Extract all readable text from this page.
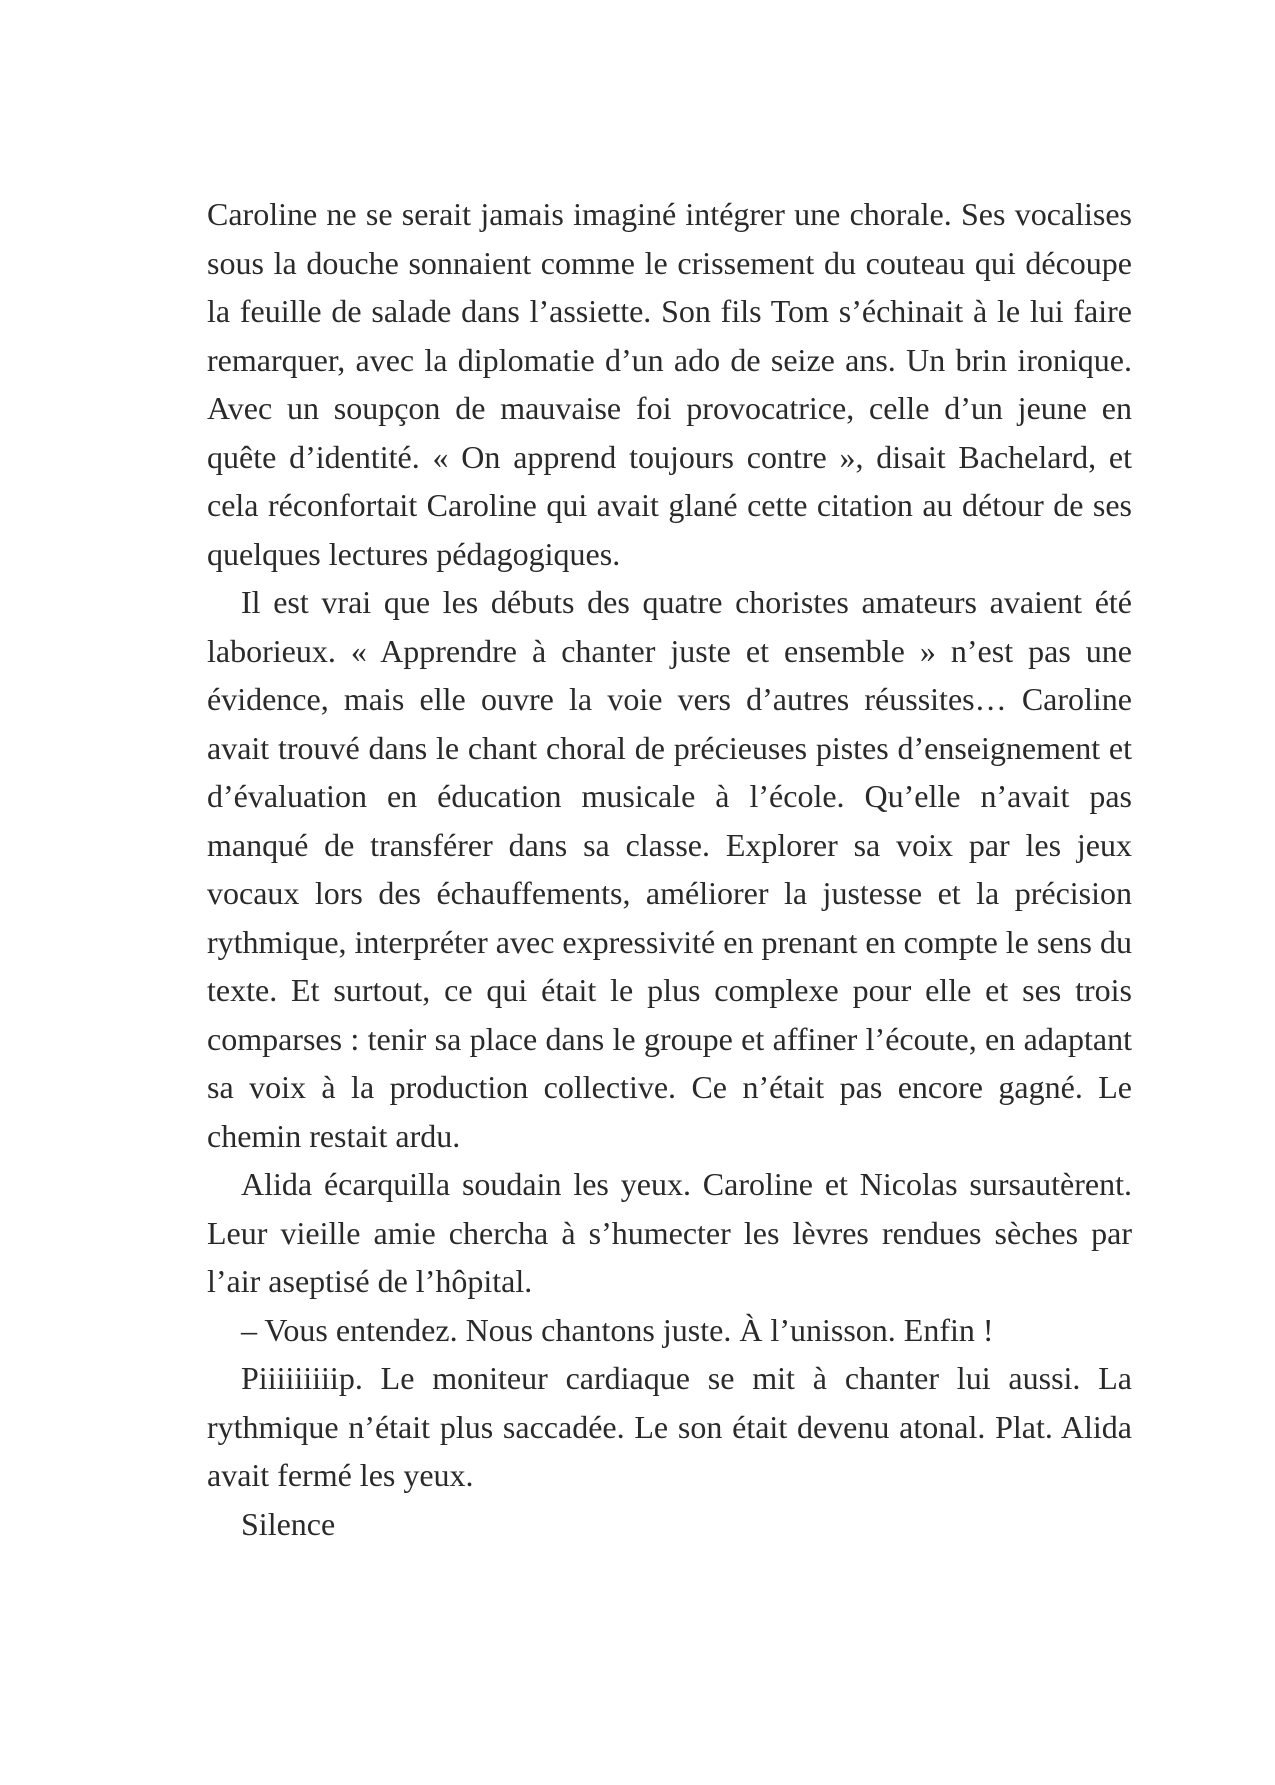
Caroline ne se serait jamais imaginé intégrer une chorale. Ses vocalises sous la douche sonnaient comme le crissement du couteau qui découpe la feuille de salade dans l’assiette. Son fils Tom s’échinait à le lui faire remarquer, avec la diplomatie d’un ado de seize ans. Un brin ironique. Avec un soupçon de mauvaise foi provocatrice, celle d’un jeune en quête d’identité. « On apprend toujours contre », disait Bachelard, et cela réconfortait Caroline qui avait glané cette citation au détour de ses quelques lectures pédagogiques.

Il est vrai que les débuts des quatre choristes amateurs avaient été laborieux. « Apprendre à chanter juste et ensemble » n’est pas une évidence, mais elle ouvre la voie vers d’autres réussites… Caroline avait trouvé dans le chant choral de précieuses pistes d’enseignement et d’évaluation en éducation musicale à l’école. Qu’elle n’avait pas manqué de transférer dans sa classe. Explorer sa voix par les jeux vocaux lors des échauffements, améliorer la justesse et la précision rythmique, interpréter avec expressivité en prenant en compte le sens du texte. Et surtout, ce qui était le plus complexe pour elle et ses trois comparses : tenir sa place dans le groupe et affiner l’écoute, en adaptant sa voix à la production collective. Ce n’était pas encore gagné. Le chemin restait ardu.

Alida écarquilla soudain les yeux. Caroline et Nicolas sursautèrent. Leur vieille amie chercha à s’humecter les lèvres rendues sèches par l’air aseptisé de l’hôpital.

– Vous entendez. Nous chantons juste. À l’unisson. Enfin !

Piiiiiiiiip. Le moniteur cardiaque se mit à chanter lui aussi. La rythmique n’était plus saccadée. Le son était devenu atonal. Plat. Alida avait fermé les yeux.

Silence
